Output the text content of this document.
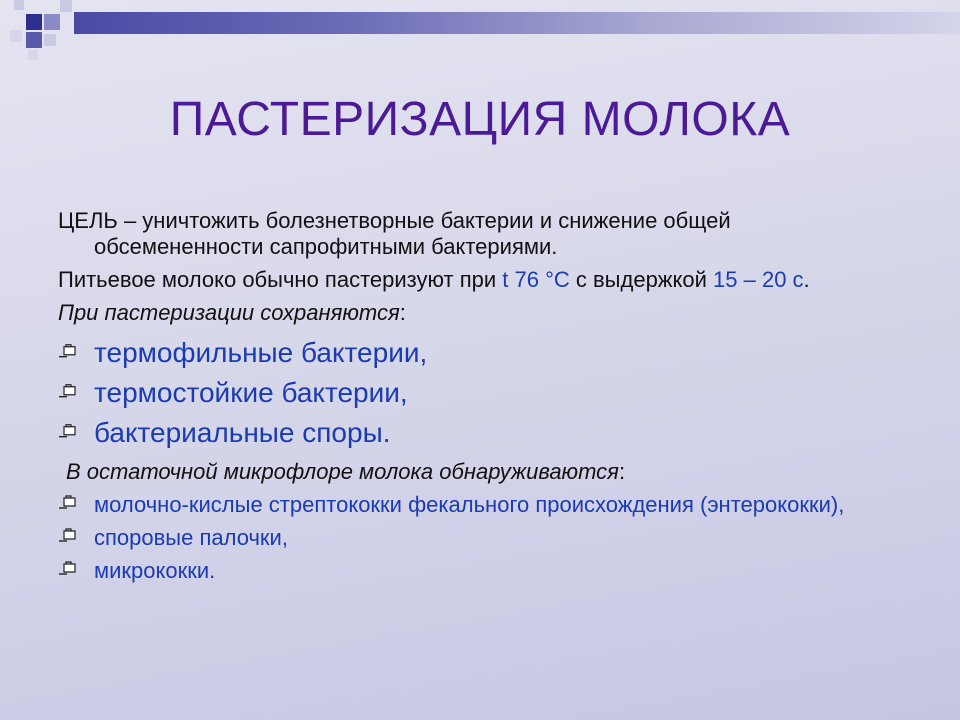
ПАСТЕРИЗАЦИЯ МОЛОКА

ЦЕЛЬ – уничтожить болезнетворные бактерии и снижение общей обсемененности сапрофитными бактериями.

Питьевое молоко обычно пастеризуют при t 76 °C с выдержкой 15 – 20 с.

При пастеризации сохраняются:

термофильные бактерии,
термостойкие бактерии,
бактериальные споры.

В остаточной микрофлоре молока обнаруживаются:

молочно-кислые стрептококки фекального происхождения (энтерококки),
споровые палочки,
микрококки.
